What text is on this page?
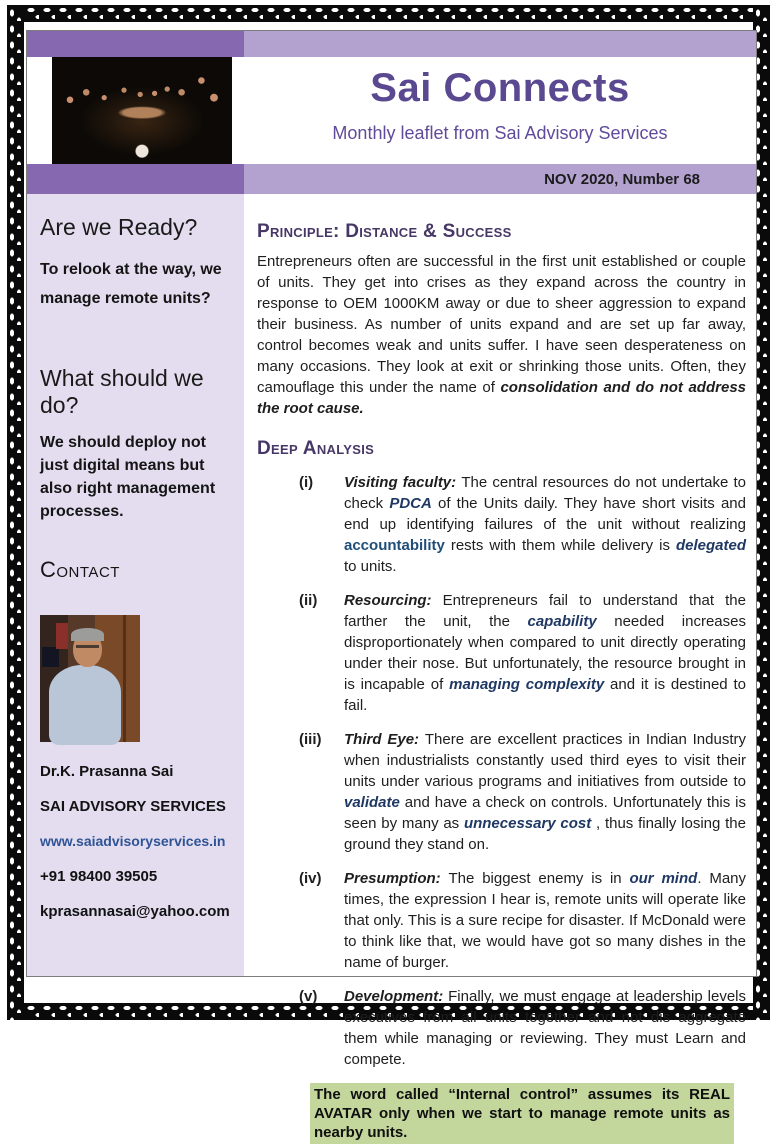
Sai Connects
Monthly leaflet from Sai Advisory Services
NOV 2020, Number 68
Are we Ready?
To relook at the way, we manage remote units?
What should we do?
We should deploy not just digital means but also right management processes.
Contact
Dr.K. Prasanna Sai
SAI ADVISORY SERVICES
www.saiadvisoryservices.in
+91 98400 39505
kprasannasai@yahoo.com
Principle: Distance & Success

Entrepreneurs often are successful in the first unit established or couple of units. They get into crises as they expand across the country in response to OEM 1000KM away or due to sheer aggression to expand their business. As number of units expand and are set up far away, control becomes weak and units suffer. I have seen desperateness on many occasions. They look at exit or shrinking those units. Often, they camouflage this under the name of consolidation and do not address the root cause.

Deep Analysis
(i)	Visiting faculty: The central resources do not undertake to check PDCA of the Units daily. They have short visits and end up identifying failures of the unit without realizing accountability rests with them while delivery is delegated to units.
(ii)	Resourcing: Entrepreneurs fail to understand that the farther the unit, the capability needed increases disproportionately when compared to unit directly operating under their nose. But unfortunately, the resource brought in is incapable of managing complexity and it is destined to fail.
(iii)	Third Eye: There are excellent practices in Indian Industry when industrialists constantly used third eyes to visit their units under various programs and initiatives from outside to validate and have a check on controls. Unfortunately this is seen by many as unnecessary cost , thus finally losing the ground they stand on.
(iv)	Presumption: The biggest enemy is in our mind. Many times, the expression I hear is, remote units will operate like that only. This is a sure recipe for disaster. If McDonald were to think like that, we would have got so many dishes in the name of burger.
(v)	Development: Finally, we must engage at leadership levels executives from all units together and not dis aggregate them while managing or reviewing. They must Learn and compete.
The word called “Internal control” assumes its REAL AVATAR only when we start to manage remote units as nearby units.
